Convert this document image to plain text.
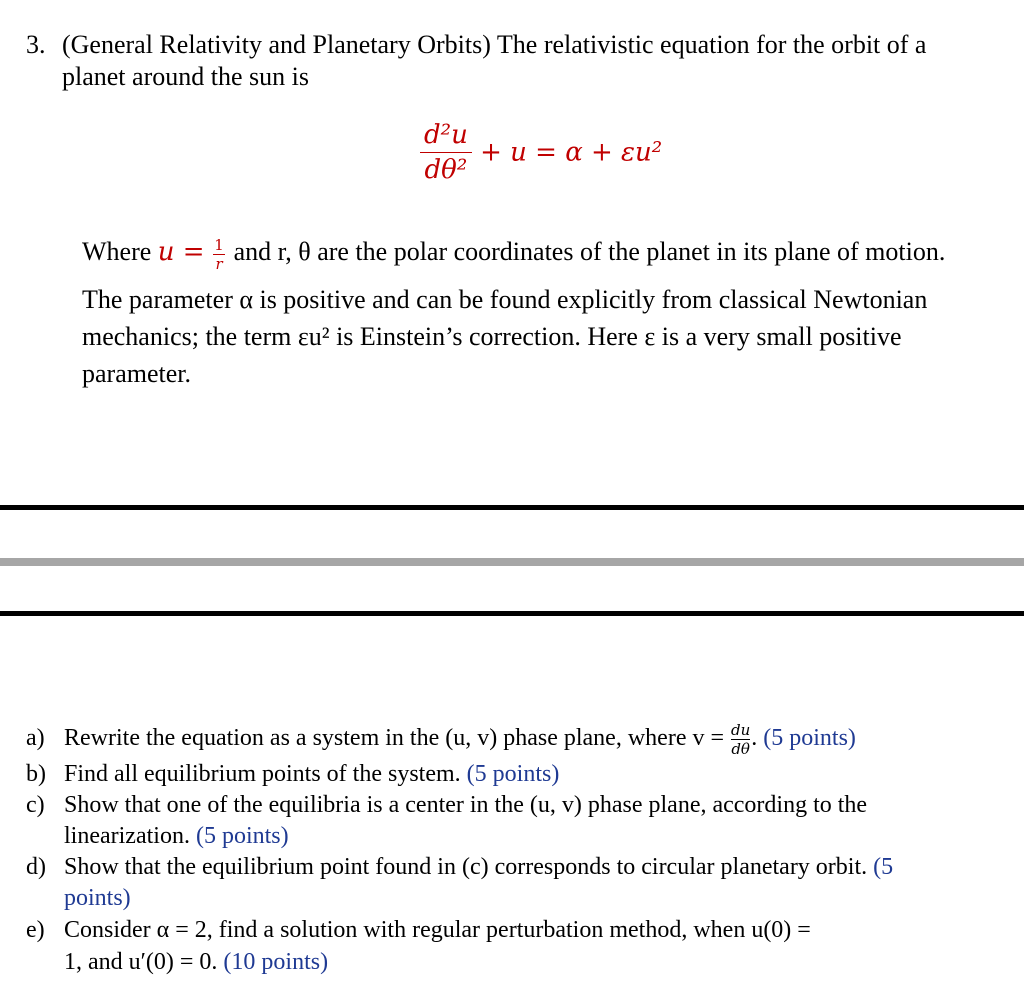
3. (General Relativity and Planetary Orbits) The relativistic equation for the orbit of a
planet around the sun is
$\frac{\text{d²u}}{\text{dθ²}} + u = \alpha + \varepsilon u^2$
Where $u = \frac{1}{r}$ and r, θ are the polar coordinates of the planet in its plane of motion.
The parameter α is positive and can be found explicitly from classical Newtonian
mechanics; the term εu² is Einstein’s correction. Here ε is a very small positive
parameter.
a) Rewrite the equation as a system in the (u, v) phase plane, where $v = \frac{du}{d\theta}$ . (5 points)
b) Find all equilibrium points of the system. (5 points)
c) Show that one of the equilibria is a center in the (u, v) phase plane, according to the
linearization. (5 points)
d) Show that the equilibrium point found in (c) corresponds to circular planetary orbit. (5
points)
e) Consider α = 2, find a solution with regular perturbation method, when u(0) =
1, and u′(0) = 0. (10 points)
